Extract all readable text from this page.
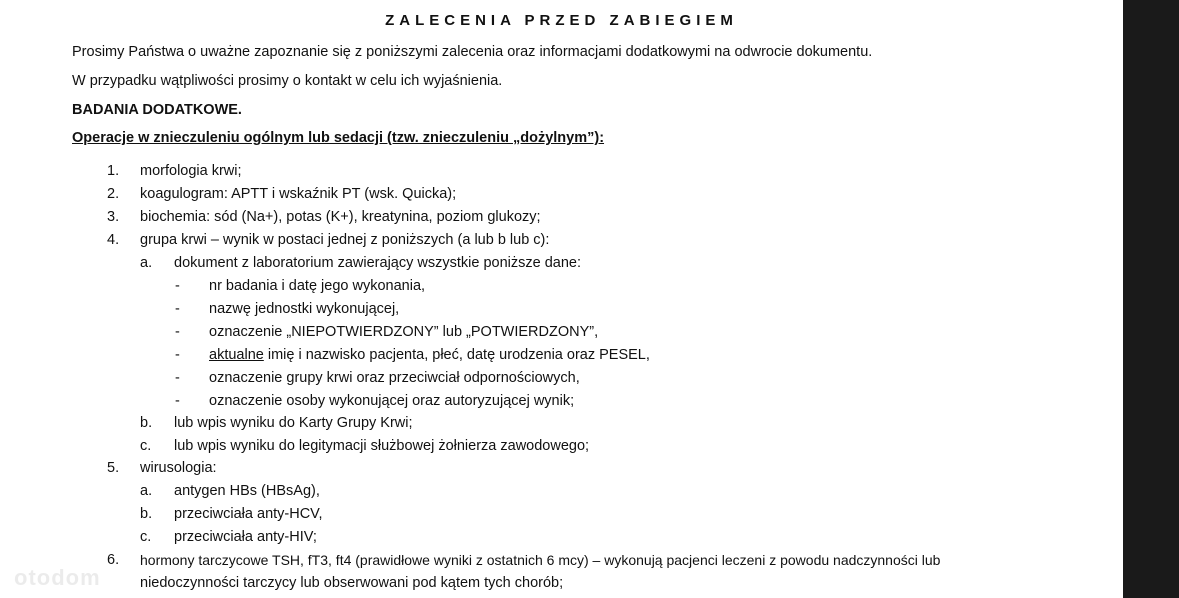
ZALECENIA PRZED ZABIEGIEM
Prosimy Państwa o uważne zapoznanie się z poniższymi zalecenia oraz informacjami dodatkowymi na odwrocie dokumentu.
W przypadku wątpliwości prosimy o kontakt w celu ich wyjaśnienia.
BADANIA DODATKOWE.
Operacje w znieczuleniu ogólnym lub sedacji (tzw. znieczuleniu „dożylnym”):
1. morfologia krwi;
2. koagulogram: APTT i wskaźnik PT (wsk. Quicka);
3. biochemia: sód (Na+), potas (K+), kreatynina, poziom glukozy;
4. grupa krwi – wynik w postaci jednej z poniższych (a lub b lub c):
a. dokument z laboratorium zawierający wszystkie poniższe dane:
- nr badania i datę jego wykonania,
- nazwę jednostki wykonującej,
- oznaczenie „NIEPOTWIERDZONY” lub „POTWIERDZONY”,
- aktualne imię i nazwisko pacjenta, płeć, datę urodzenia oraz PESEL,
- oznaczenie grupy krwi oraz przeciwciał odpornościowych,
- oznaczenie osoby wykonującej oraz autoryzującej wynik;
b. lub wpis wyniku do Karty Grupy Krwi;
c. lub wpis wyniku do legitymacji służbowej żołnierza zawodowego;
5. wirusologia:
a. antygen HBs (HBsAg),
b. przeciwciała anty-HCV,
c. przeciwciała anty-HIV;
6. hormony tarczycowe TSH, fT3, ft4 (prawidłowe wyniki z ostatnich 6 mcy) – wykonują pacjenci leczeni z powodu nadczynności lub
niedoczynności tarczycy lub obserwowani pod kątem tych chorób;
otodom
